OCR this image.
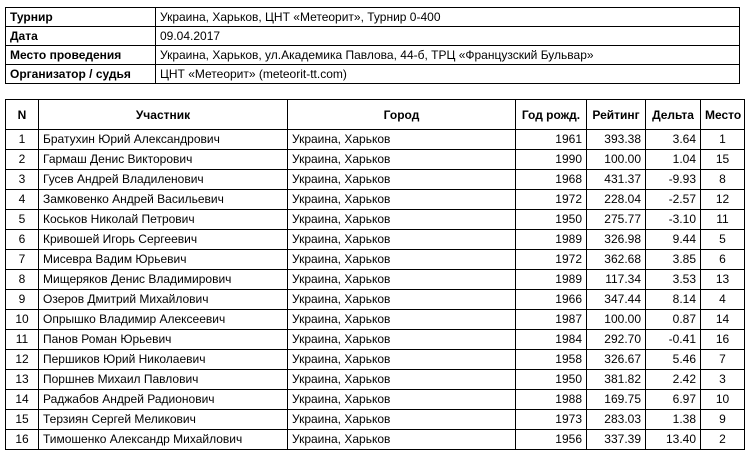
Турнир	Украина, Харьков, ЦНТ «Метеорит», Турнир 0-400
Дата	09.04.2017
Место проведения	Украина, Харьков, ул.Академика Павлова, 44-б, ТРЦ «Французский Бульвар»
Организатор / судья	ЦНТ «Метеорит» (meteorit-tt.com)
N	Участник	Город	Год рожд.	Рейтинг	Дельта	Место
1	Братухин Юрий Александрович	Украина, Харьков	1961	393.38	3.64	1
2	Гармаш Денис Викторович	Украина, Харьков	1990	100.00	1.04	15
3	Гусев Андрей Владиленович	Украина, Харьков	1968	431.37	-9.93	8
4	Замковенко Андрей Васильевич	Украина, Харьков	1972	228.04	-2.57	12
5	Коськов Николай Петрович	Украина, Харьков	1950	275.77	-3.10	11
6	Кривошей Игорь Сергеевич	Украина, Харьков	1989	326.98	9.44	5
7	Мисевра Вадим Юрьевич	Украина, Харьков	1972	362.68	3.85	6
8	Мищеряков Денис Владимирович	Украина, Харьков	1989	117.34	3.53	13
9	Озеров Дмитрий Михайлович	Украина, Харьков	1966	347.44	8.14	4
10	Опрышко Владимир Алексеевич	Украина, Харьков	1987	100.00	0.87	14
11	Панов Роман Юрьевич	Украина, Харьков	1984	292.70	-0.41	16
12	Першиков Юрий Николаевич	Украина, Харьков	1958	326.67	5.46	7
13	Поршнев Михаил Павлович	Украина, Харьков	1950	381.82	2.42	3
14	Раджабов Андрей Радионович	Украина, Харьков	1988	169.75	6.97	10
15	Терзиян Сергей Меликович	Украина, Харьков	1973	283.03	1.38	9
16	Тимошенко Александр Михайлович	Украина, Харьков	1956	337.39	13.40	2
